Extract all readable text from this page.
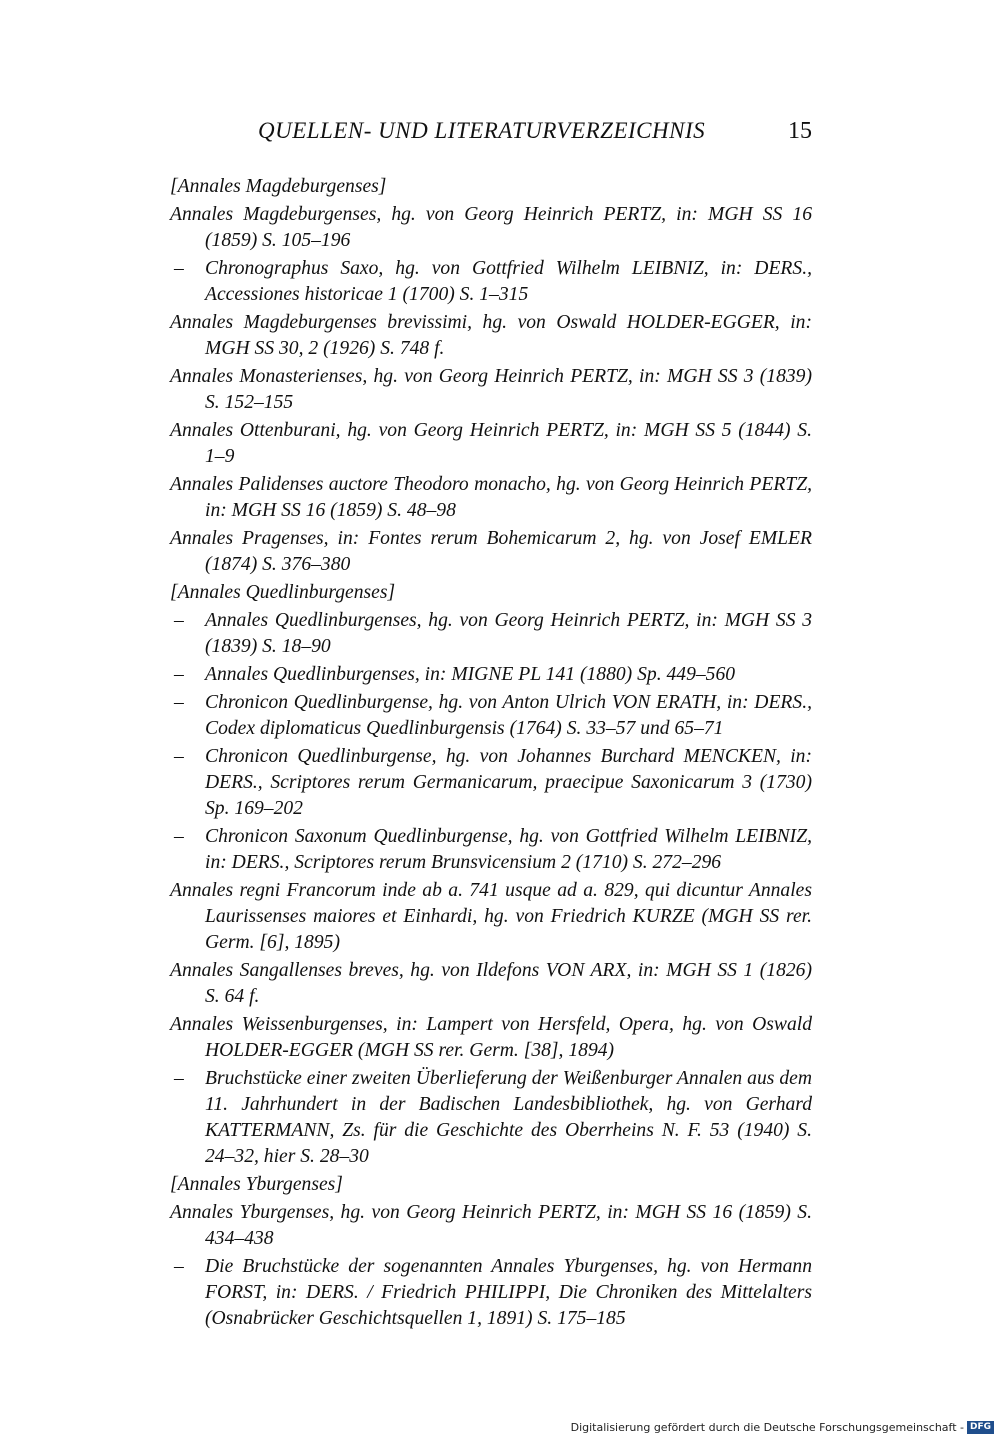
QUELLEN- UND LITERATURVERZEICHNIS	15

[Annales Magdeburgenses]

Annales Magdeburgenses, hg. von Georg Heinrich PERTZ, in: MGH SS 16 (1859) S. 105–196

– Chronographus Saxo, hg. von Gottfried Wilhelm LEIBNIZ, in: DERS., Accessiones historicae 1 (1700) S. 1–315

Annales Magdeburgenses brevissimi, hg. von Oswald HOLDER-EGGER, in: MGH SS 30, 2 (1926) S. 748 f.

Annales Monasterienses, hg. von Georg Heinrich PERTZ, in: MGH SS 3 (1839) S. 152–155

Annales Ottenburani, hg. von Georg Heinrich PERTZ, in: MGH SS 5 (1844) S. 1–9

Annales Palidenses auctore Theodoro monacho, hg. von Georg Heinrich PERTZ, in: MGH SS 16 (1859) S. 48–98

Annales Pragenses, in: Fontes rerum Bohemicarum 2, hg. von Josef EMLER (1874) S. 376–380

[Annales Quedlinburgenses]

– Annales Quedlinburgenses, hg. von Georg Heinrich PERTZ, in: MGH SS 3 (1839) S. 18–90

– Annales Quedlinburgenses, in: MIGNE PL 141 (1880) Sp. 449–560

– Chronicon Quedlinburgense, hg. von Anton Ulrich VON ERATH, in: DERS., Codex diplomaticus Quedlinburgensis (1764) S. 33–57 und 65–71

– Chronicon Quedlinburgense, hg. von Johannes Burchard MENCKEN, in: DERS., Scriptores rerum Germanicarum, praecipue Saxonicarum 3 (1730) Sp. 169–202

– Chronicon Saxonum Quedlinburgense, hg. von Gottfried Wilhelm LEIBNIZ, in: DERS., Scriptores rerum Brunsvicensium 2 (1710) S. 272–296

Annales regni Francorum inde ab a. 741 usque ad a. 829, qui dicuntur Annales Laurissenses maiores et Einhardi, hg. von Friedrich KURZE (MGH SS rer. Germ. [6], 1895)

Annales Sangallenses breves, hg. von Ildefons VON ARX, in: MGH SS 1 (1826) S. 64 f.

Annales Weissenburgenses, in: Lampert von Hersfeld, Opera, hg. von Oswald HOLDER-EGGER (MGH SS rer. Germ. [38], 1894)

– Bruchstücke einer zweiten Überlieferung der Weißenburger Annalen aus dem 11. Jahrhundert in der Badischen Landesbibliothek, hg. von Gerhard KATTERMANN, Zs. für die Geschichte des Oberrheins N. F. 53 (1940) S. 24–32, hier S. 28–30

[Annales Yburgenses]

Annales Yburgenses, hg. von Georg Heinrich PERTZ, in: MGH SS 16 (1859) S. 434–438

– Die Bruchstücke der sogenannten Annales Yburgenses, hg. von Hermann FORST, in: DERS. / Friedrich PHILIPPI, Die Chroniken des Mittelalters (Osnabrücker Geschichtsquellen 1, 1891) S. 175–185

Digitalisierung gefördert durch die Deutsche Forschungsgemeinschaft - DFG
